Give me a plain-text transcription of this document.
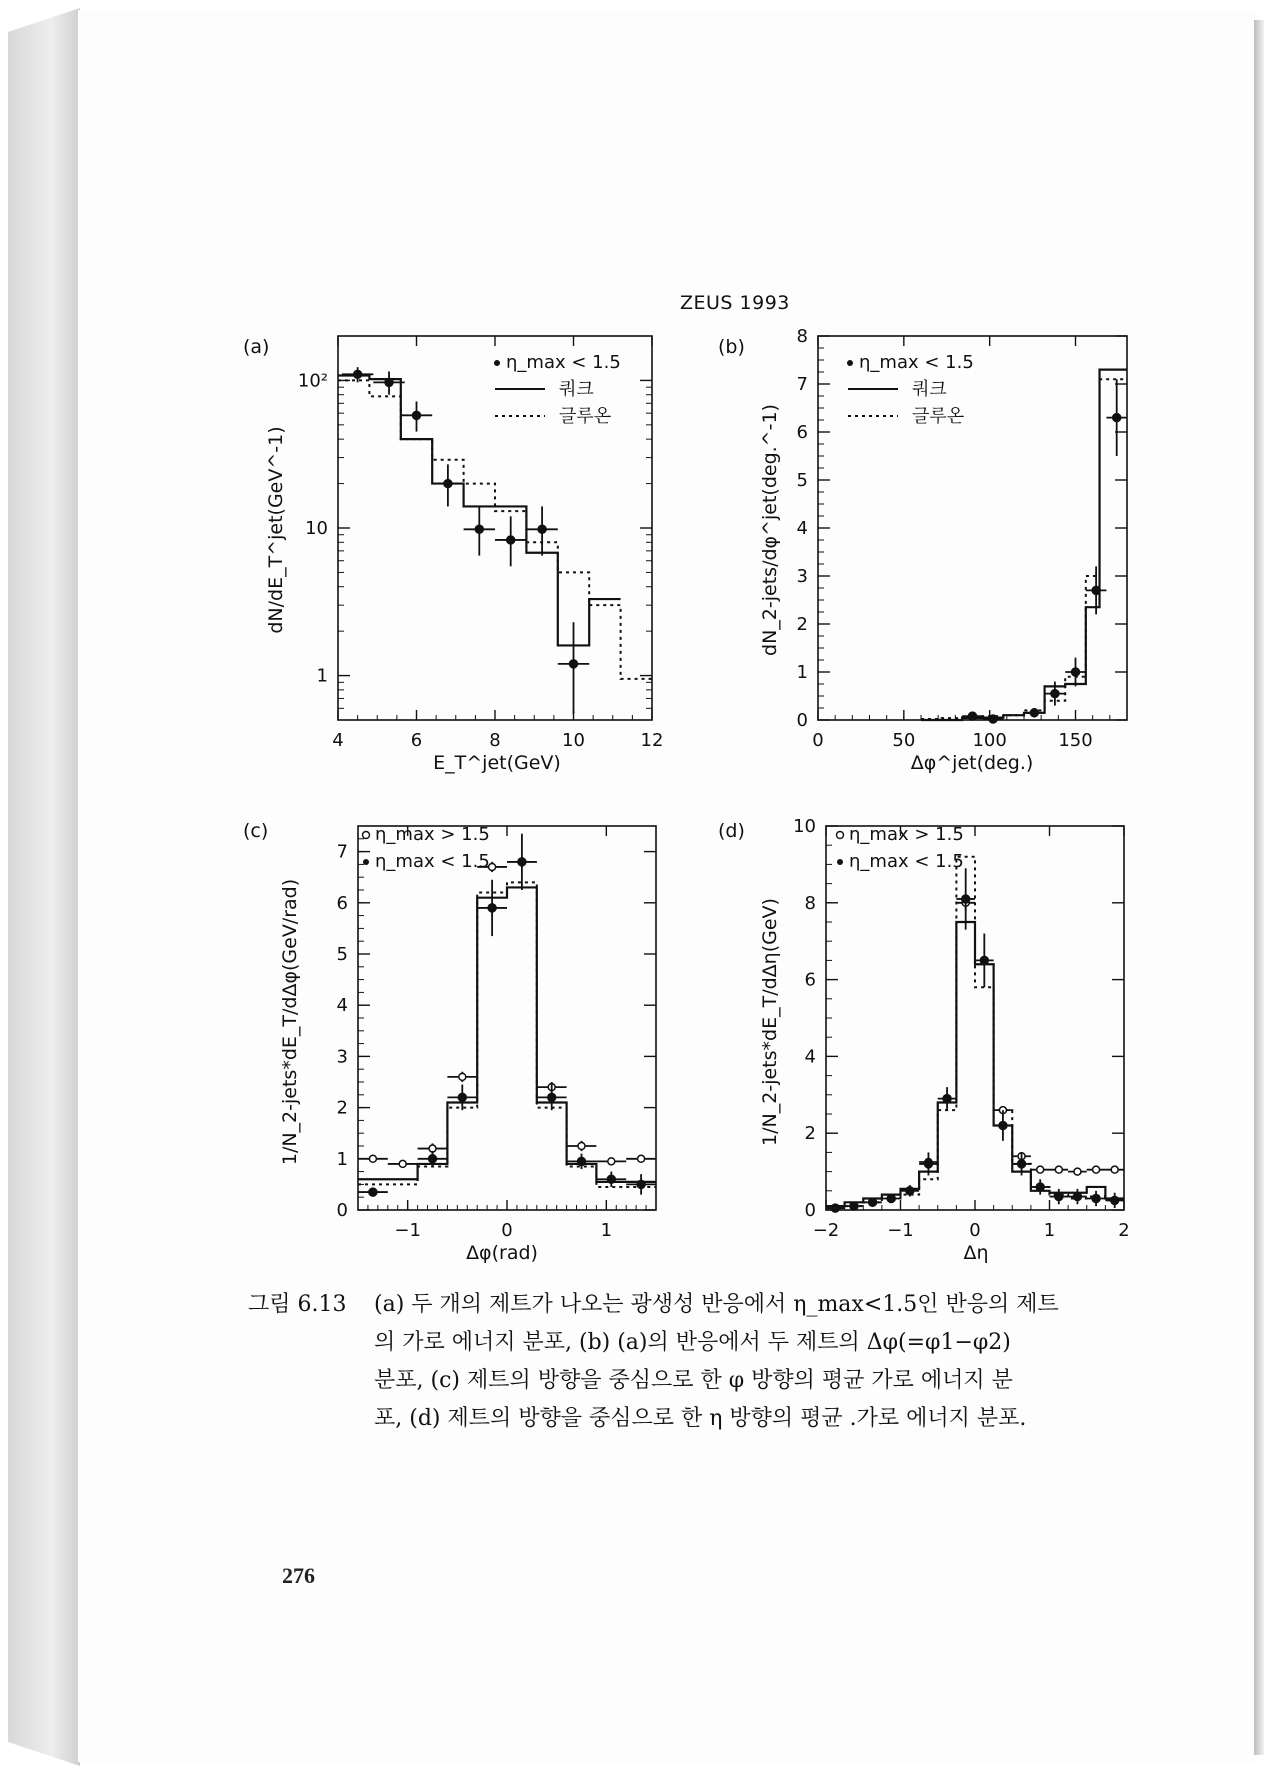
ZEUS 1993
(a)	(b)
(c)	(d)
dN/dE_T^jet(GeV^-1)	dN_2-jets/dφ^jet(deg.^-1)
1/N_2-jets*dE_T/dΔφ(GeV/rad)	1/N_2-jets*dE_T/dΔη(GeV)
E_T^jet(GeV)	Δφ^jet(deg.)
Δφ(rad)	Δη
4	6	8	10	12
1
10
10²
η_max < 1.5
쿼크
글루온
0	50	100	150
0
1
2
3
4
5
6
7
8
η_max < 1.5
쿼크
글루온
−1	0	1
0
1
2
3
4
5
6
7
η_max > 1.5
η_max < 1.5
−2	−1	0	1	2
0
2
4
6
8
10 η_max > 1.5
η_max < 1.5
그림 6.13 (a) 두 개의 제트가 나오는 광생성 반응에서 η_max<1.5인 반응의 제트
의 가로 에너지 분포, (b) (a)의 반응에서 두 제트의 Δφ(=φ1−φ2)
분포, (c) 제트의 방향을 중심으로 한 φ 방향의 평균 가로 에너지 분
포, (d) 제트의 방향을 중심으로 한 η 방향의 평균 .가로 에너지 분포.
276
